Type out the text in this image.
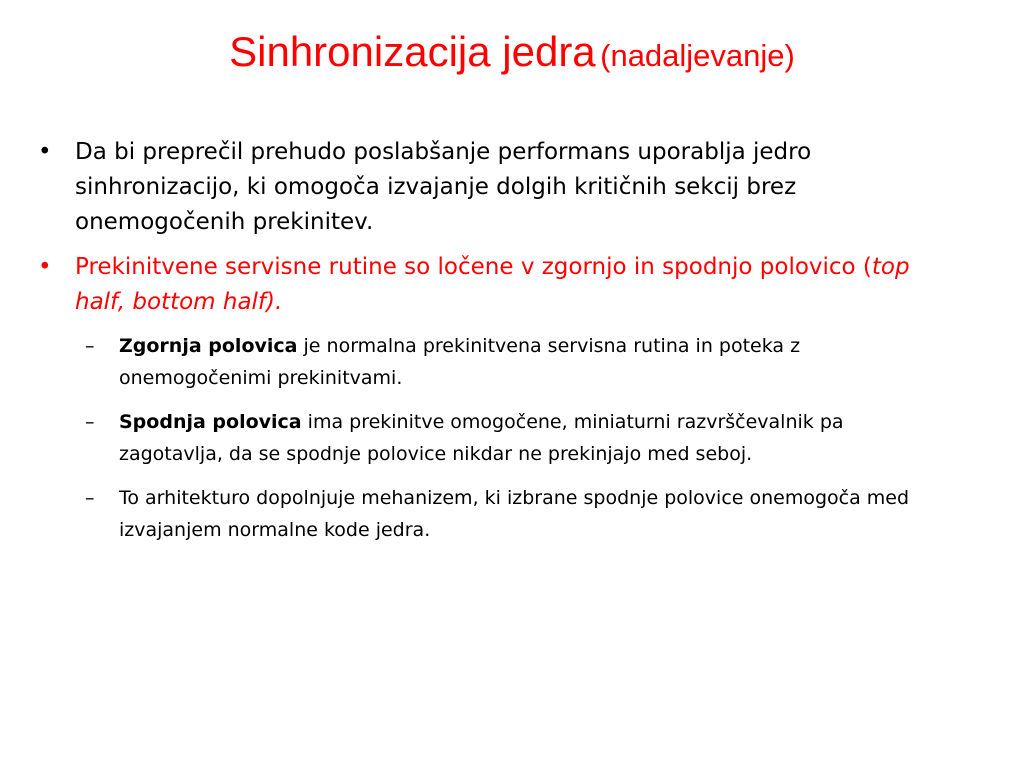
Sinhronizacija jedra (nadaljevanje)
• Da bi preprečil prehudo poslabšanje performans uporablja jedro sinhronizacijo, ki omogoča izvajanje dolgih kritičnih sekcij brez onemogočenih prekinitev.
• Prekinitvene servisne rutine so ločene v zgornjo in spodnjo polovico (top half, bottom half).
– Zgornja polovica je normalna prekinitvena servisna rutina in poteka z onemogočenimi prekinitvami.
– Spodnja polovica ima prekinitve omogočene, miniaturni razvrščevalnik pa zagotavlja, da se spodnje polovice nikdar ne prekinjajo med seboj.
– To arhitekturo dopolnjuje mehanizem, ki izbrane spodnje polovice onemogoča med izvajanjem normalne kode jedra.
